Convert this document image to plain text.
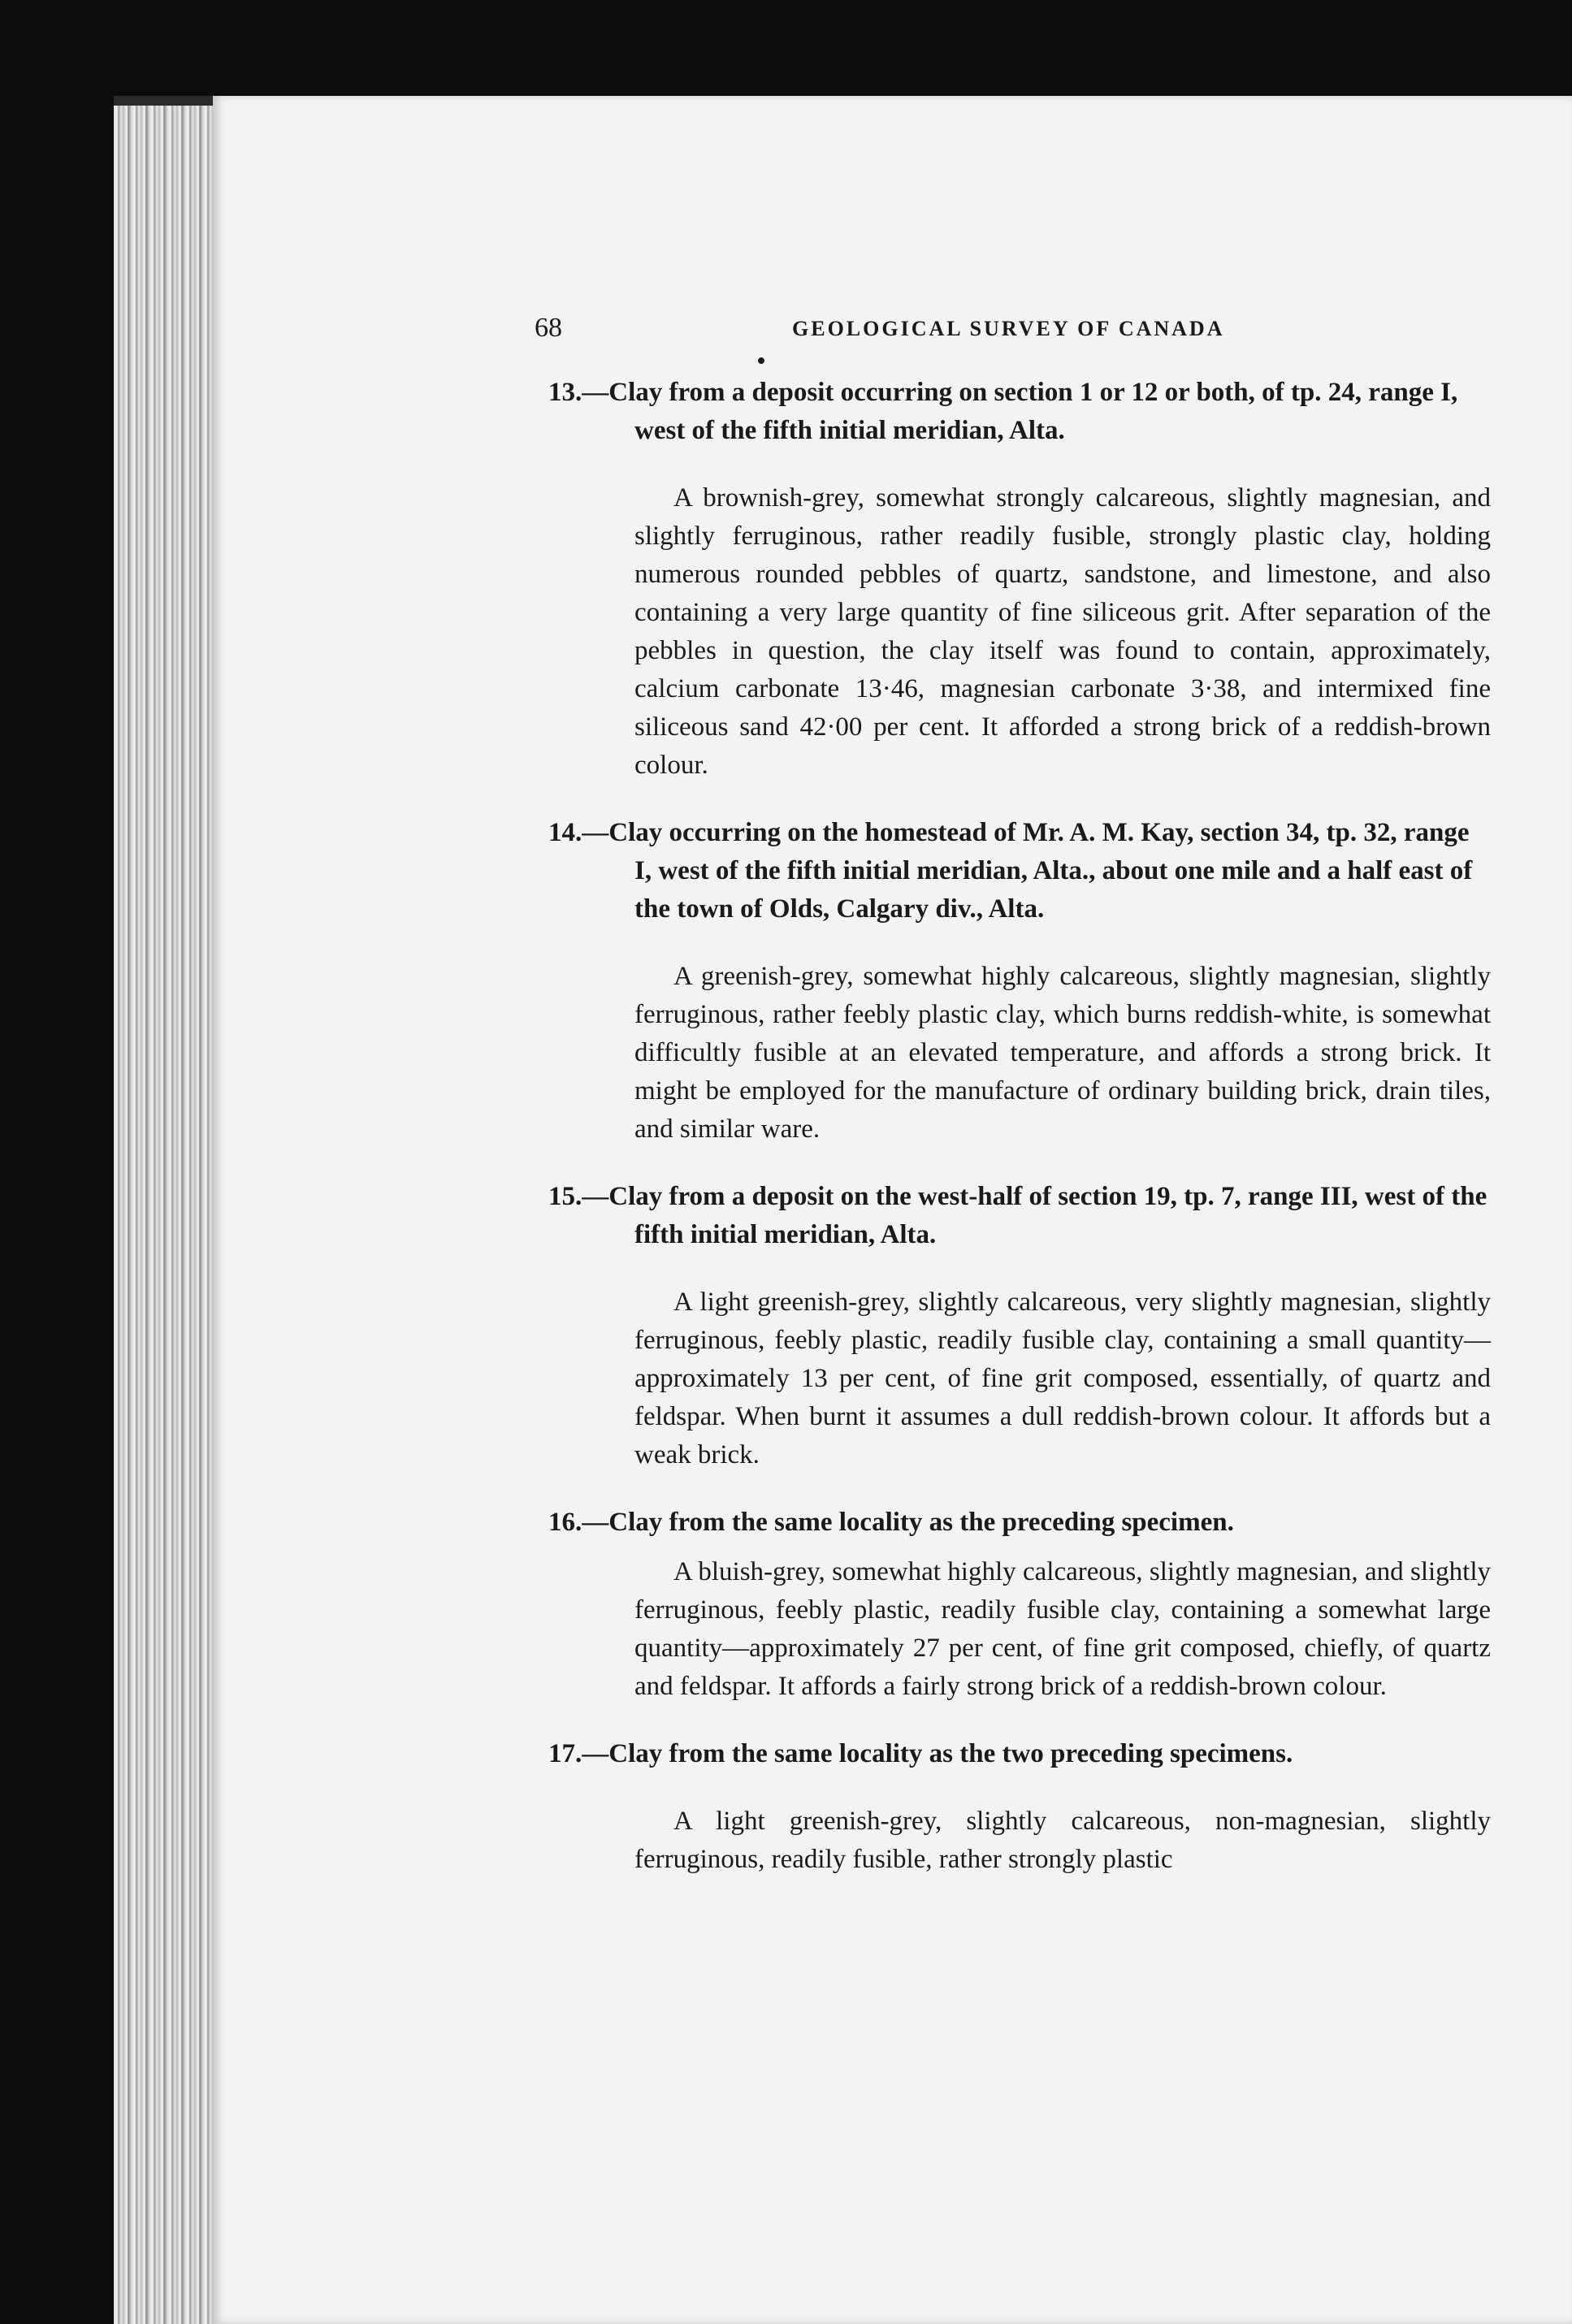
68	GEOLOGICAL SURVEY OF CANADA

13.—Clay from a deposit occurring on section 1 or 12 or both, of tp. 24, range I, west of the fifth initial meridian, Alta.

A brownish-grey, somewhat strongly calcareous, slightly magnesian, and slightly ferruginous, rather readily fusible, strongly plastic clay, holding numerous rounded pebbles of quartz, sandstone, and limestone, and also containing a very large quantity of fine siliceous grit. After separation of the pebbles in question, the clay itself was found to contain, approximately, calcium carbonate 13·46, magnesian carbonate 3·38, and intermixed fine siliceous sand 42·00 per cent. It afforded a strong brick of a reddish-brown colour.

14.—Clay occurring on the homestead of Mr. A. M. Kay, section 34, tp. 32, range I, west of the fifth initial meridian, Alta., about one mile and a half east of the town of Olds, Calgary div., Alta.

A greenish-grey, somewhat highly calcareous, slightly magnesian, slightly ferruginous, rather feebly plastic clay, which burns reddish-white, is somewhat difficultly fusible at an elevated temperature, and affords a strong brick. It might be employed for the manufacture of ordinary building brick, drain tiles, and similar ware.

15.—Clay from a deposit on the west-half of section 19, tp. 7, range III, west of the fifth initial meridian, Alta.

A light greenish-grey, slightly calcareous, very slightly magnesian, slightly ferruginous, feebly plastic, readily fusible clay, containing a small quantity—approximately 13 per cent, of fine grit composed, essentially, of quartz and feldspar. When burnt it assumes a dull reddish-brown colour. It affords but a weak brick.

16.—Clay from the same locality as the preceding specimen.

A bluish-grey, somewhat highly calcareous, slightly magnesian, and slightly ferruginous, feebly plastic, readily fusible clay, containing a somewhat large quantity—approximately 27 per cent, of fine grit composed, chiefly, of quartz and feldspar. It affords a fairly strong brick of a reddish-brown colour.

17.—Clay from the same locality as the two preceding specimens.

A light greenish-grey, slightly calcareous, non-magnesian, slightly ferruginous, readily fusible, rather strongly plastic
